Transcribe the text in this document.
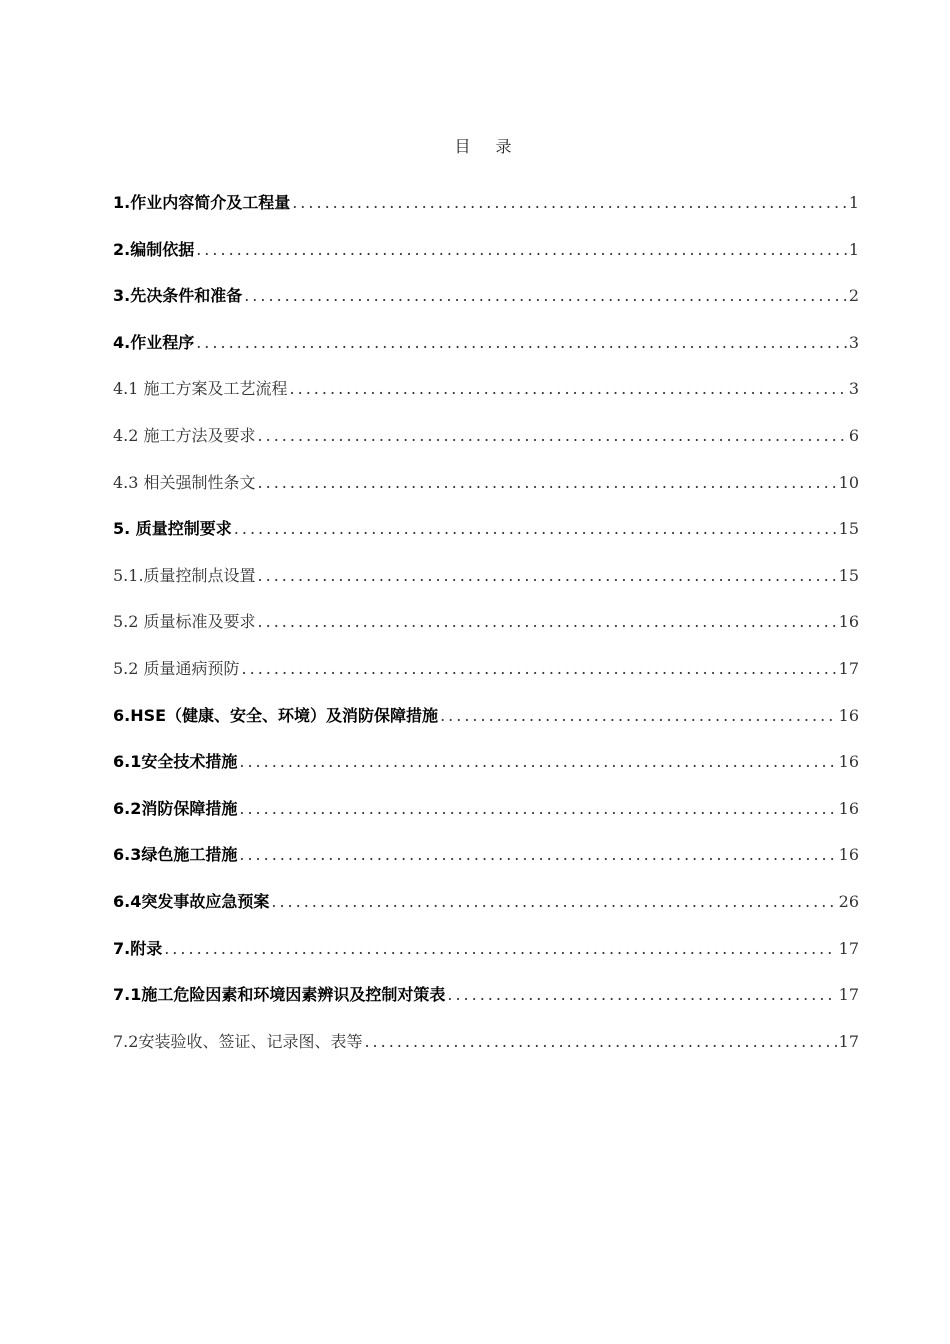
目 录
1.作业内容简介及工程量 .....	1
2.编制依据 .....	1
3.先决条件和准备 .....	2
4.作业程序 .....	3
4.1 施工方案及工艺流程 .....	3
4.2 施工方法及要求 .....	6
4.3 相关强制性条文 .....	10
5. 质量控制要求 .....	15
5.1.质量控制点设置 .....	15
5.2 质量标准及要求 .....	16
5.2 质量通病预防 .....	17
6.HSE（健康、安全、环境）及消防保障措施 .....	16
6.1安全技术措施 .....	16
6.2消防保障措施 .....	16
6.3绿色施工措施 .....	16
6.4突发事故应急预案 .....	26
7.附录 .....	17
7.1施工危险因素和环境因素辨识及控制对策表 .....	17
7.2安装验收、签证、记录图、表等 .....	17
